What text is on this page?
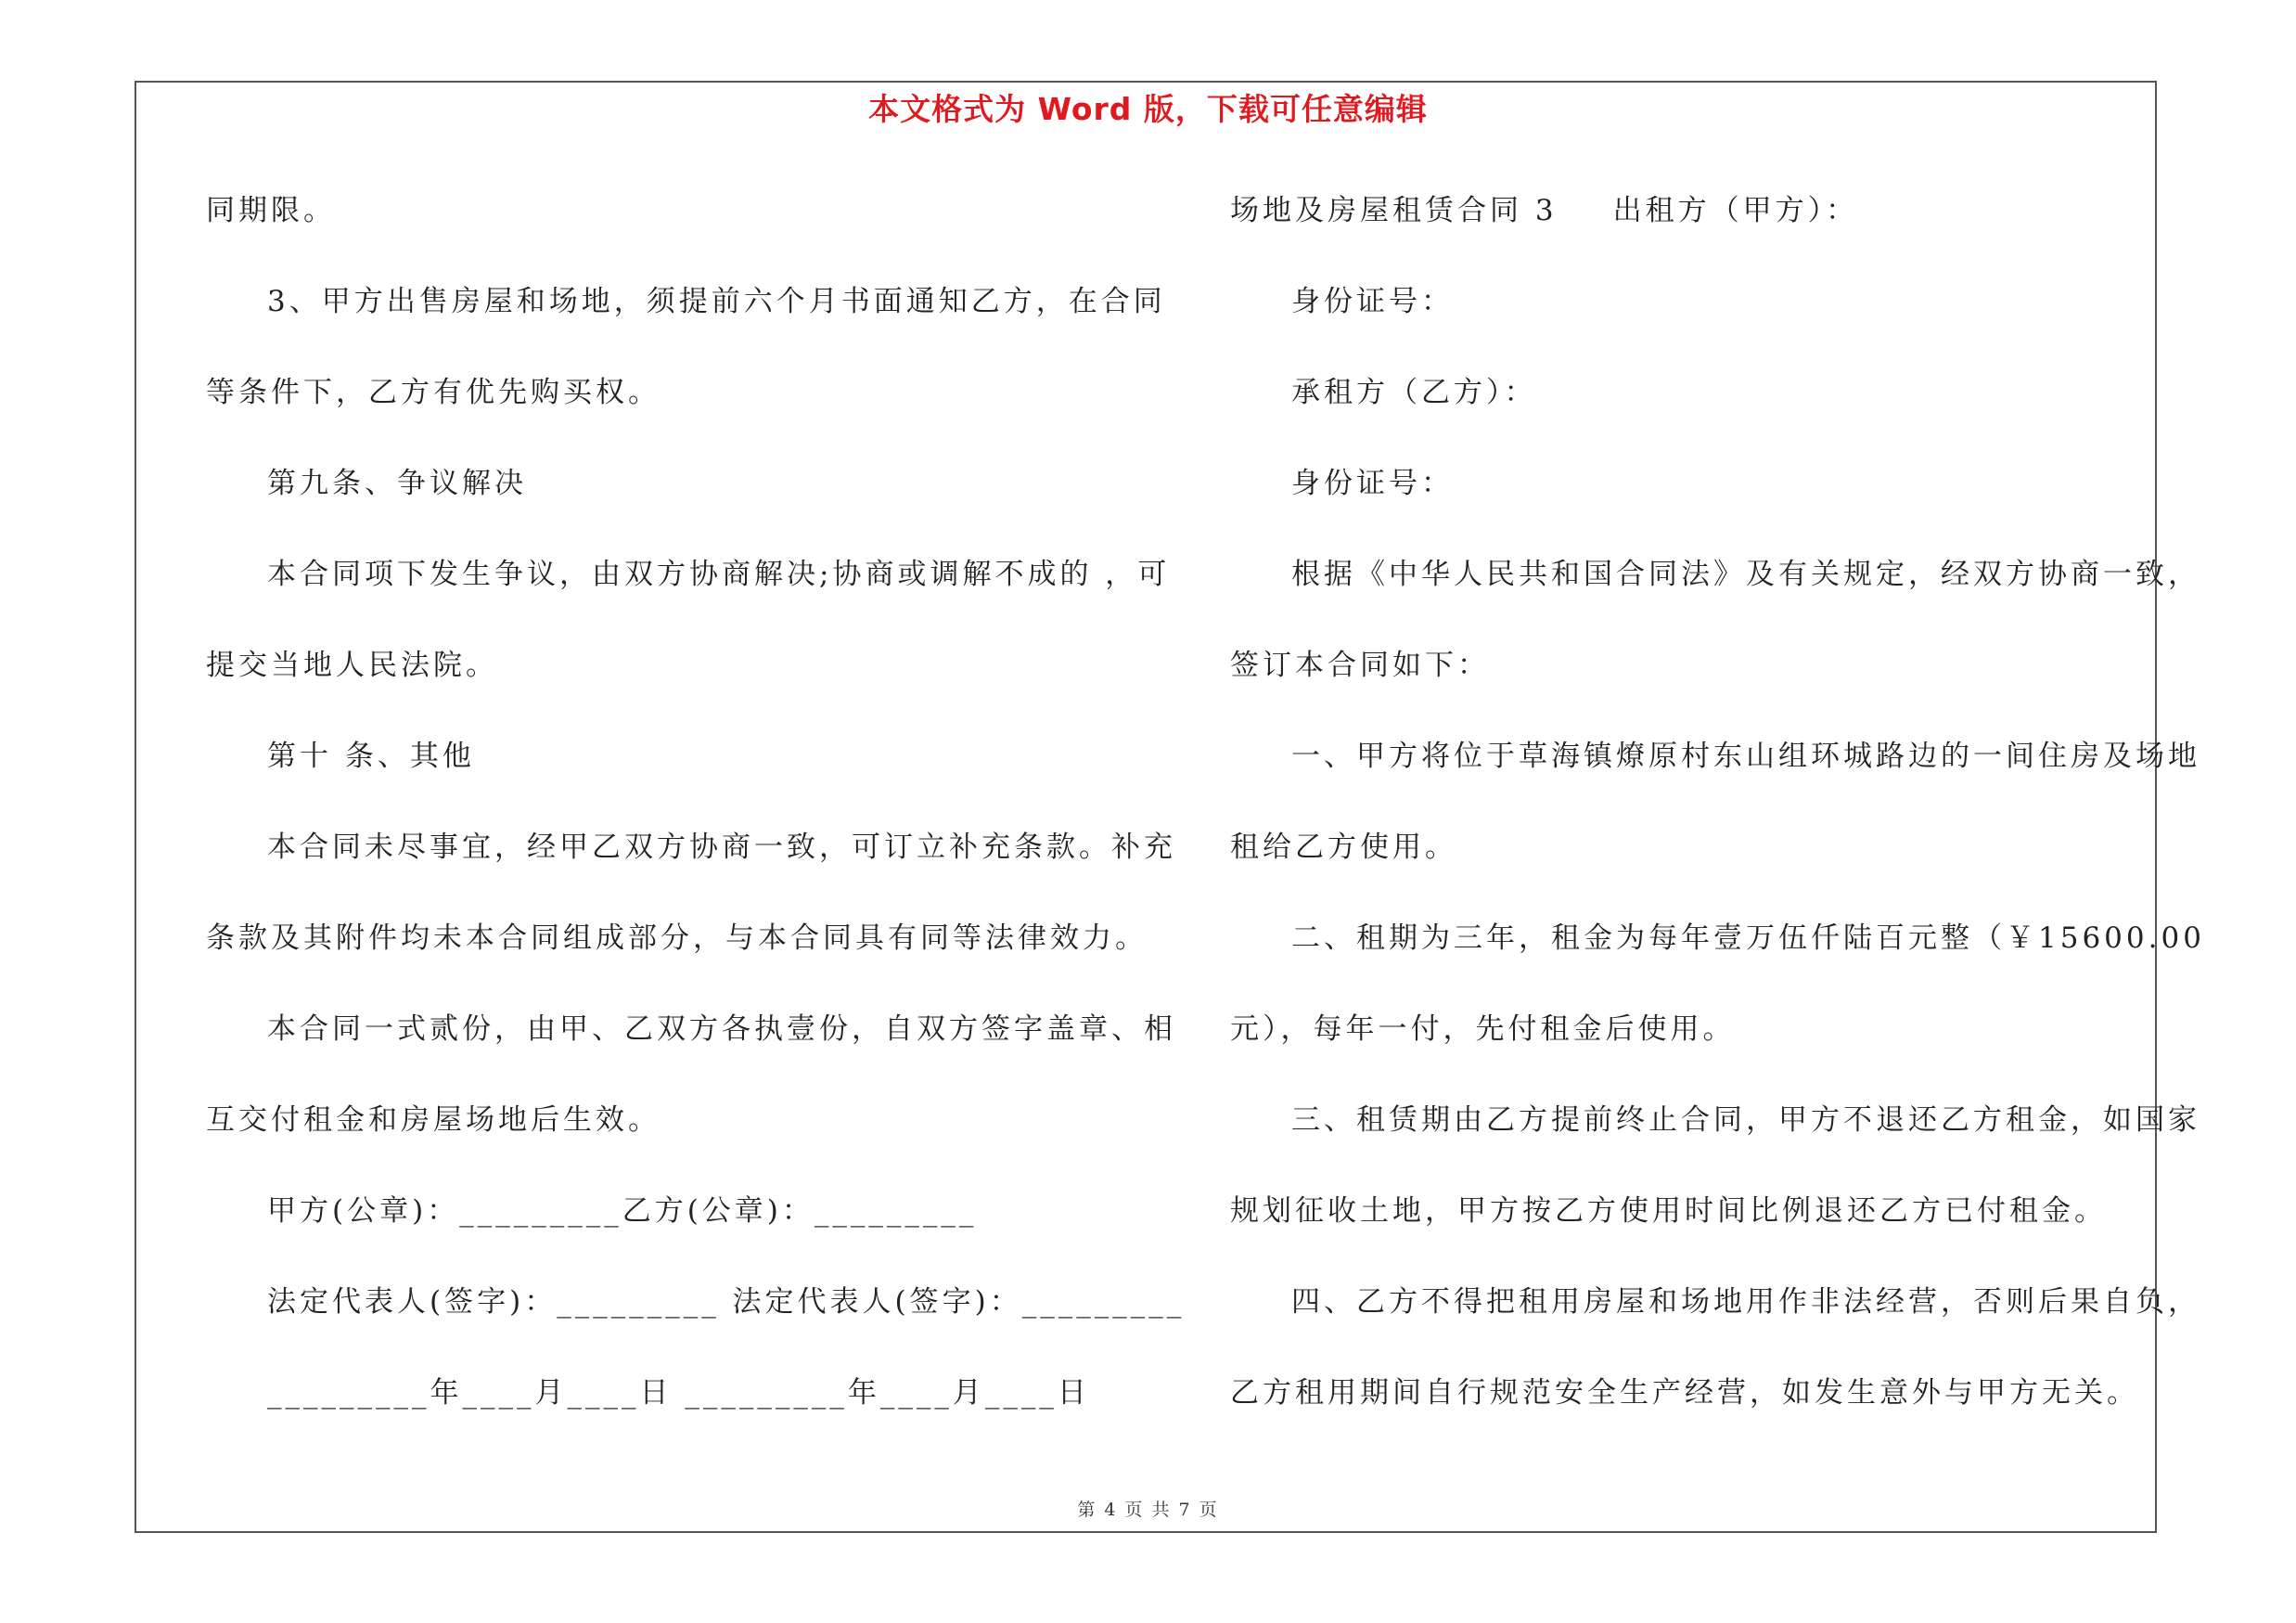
本文格式为 Word 版，下载可任意编辑
同期限。
3、甲方出售房屋和场地，须提前六个月书面通知乙方，在合同
等条件下，乙方有优先购买权。
第九条、争议解决
本合同项下发生争议，由双方协商解决;协商或调解不成的 ，可
提交当地人民法院。
第十 条、其他
本合同未尽事宜，经甲乙双方协商一致，可订立补充条款。补充
条款及其附件均未本合同组成部分，与本合同具有同等法律效力。
本合同一式贰份，由甲、乙双方各执壹份，自双方签字盖章、相
互交付租金和房屋场地后生效。
甲方(公章)：_________乙方(公章)：_________
法定代表人(签字)：_________ 法定代表人(签字)：_________
_________年____月____日 _________年____月____日
场地及房屋租赁合同 3 出租方（甲方）：
身份证号：
承租方（乙方）：
身份证号：
根据《中华人民共和国合同法》及有关规定，经双方协商一致，
签订本合同如下：
一、甲方将位于草海镇燎原村东山组环城路边的一间住房及场地
租给乙方使用。
二、租期为三年，租金为每年壹万伍仟陆百元整（￥15600.00
元），每年一付，先付租金后使用。
三、租赁期由乙方提前终止合同，甲方不退还乙方租金，如国家
规划征收土地，甲方按乙方使用时间比例退还乙方已付租金。
四、乙方不得把租用房屋和场地用作非法经营，否则后果自负，
乙方租用期间自行规范安全生产经营，如发生意外与甲方无关。
第 4 页 共 7 页
